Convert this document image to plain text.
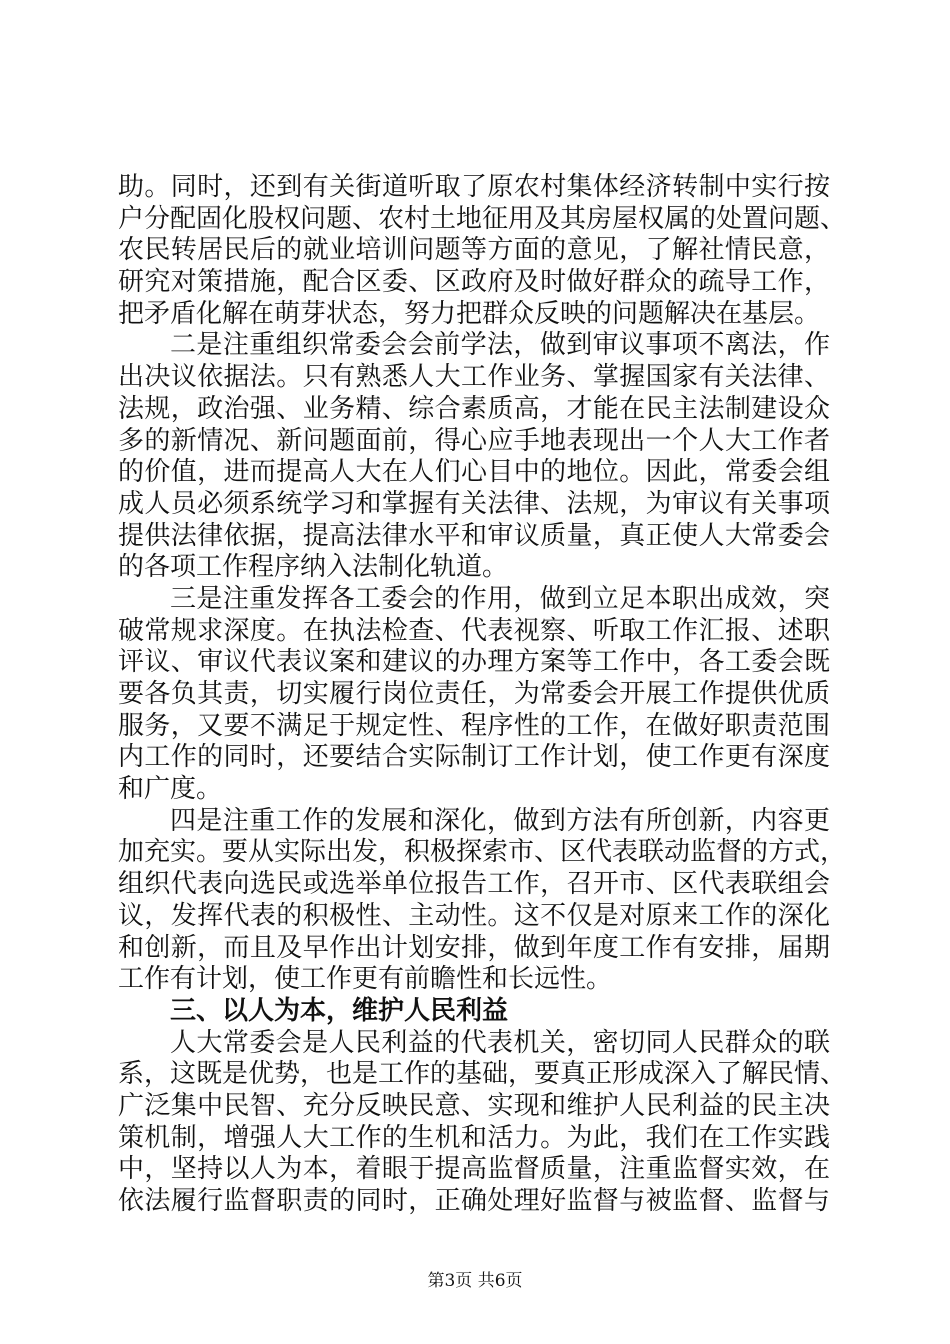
助。同时，还到有关街道听取了原农村集体经济转制中实行按
户分配固化股权问题、农村土地征用及其房屋权属的处置问题、
农民转居民后的就业培训问题等方面的意见，了解社情民意，
研究对策措施，配合区委、区政府及时做好群众的疏导工作，
把矛盾化解在萌芽状态，努力把群众反映的问题解决在基层。
二是注重组织常委会会前学法，做到审议事项不离法，作
出决议依据法。只有熟悉人大工作业务、掌握国家有关法律、
法规，政治强、业务精、综合素质高，才能在民主法制建设众
多的新情况、新问题面前，得心应手地表现出一个人大工作者
的价值，进而提高人大在人们心目中的地位。因此，常委会组
成人员必须系统学习和掌握有关法律、法规，为审议有关事项
提供法律依据，提高法律水平和审议质量，真正使人大常委会
的各项工作程序纳入法制化轨道。
三是注重发挥各工委会的作用，做到立足本职出成效，突
破常规求深度。在执法检查、代表视察、听取工作汇报、述职
评议、审议代表议案和建议的办理方案等工作中，各工委会既
要各负其责，切实履行岗位责任，为常委会开展工作提供优质
服务，又要不满足于规定性、程序性的工作，在做好职责范围
内工作的同时，还要结合实际制订工作计划，使工作更有深度
和广度。
四是注重工作的发展和深化，做到方法有所创新，内容更
加充实。要从实际出发，积极探索市、区代表联动监督的方式，
组织代表向选民或选举单位报告工作，召开市、区代表联组会
议，发挥代表的积极性、主动性。这不仅是对原来工作的深化
和创新，而且及早作出计划安排，做到年度工作有安排，届期
工作有计划，使工作更有前瞻性和长远性。
三、以人为本，维护人民利益
人大常委会是人民利益的代表机关，密切同人民群众的联
系，这既是优势，也是工作的基础，要真正形成深入了解民情、
广泛集中民智、充分反映民意、实现和维护人民利益的民主决
策机制，增强人大工作的生机和活力。为此，我们在工作实践
中，坚持以人为本，着眼于提高监督质量，注重监督实效，在
依法履行监督职责的同时，正确处理好监督与被监督、监督与
第3页 共6页
